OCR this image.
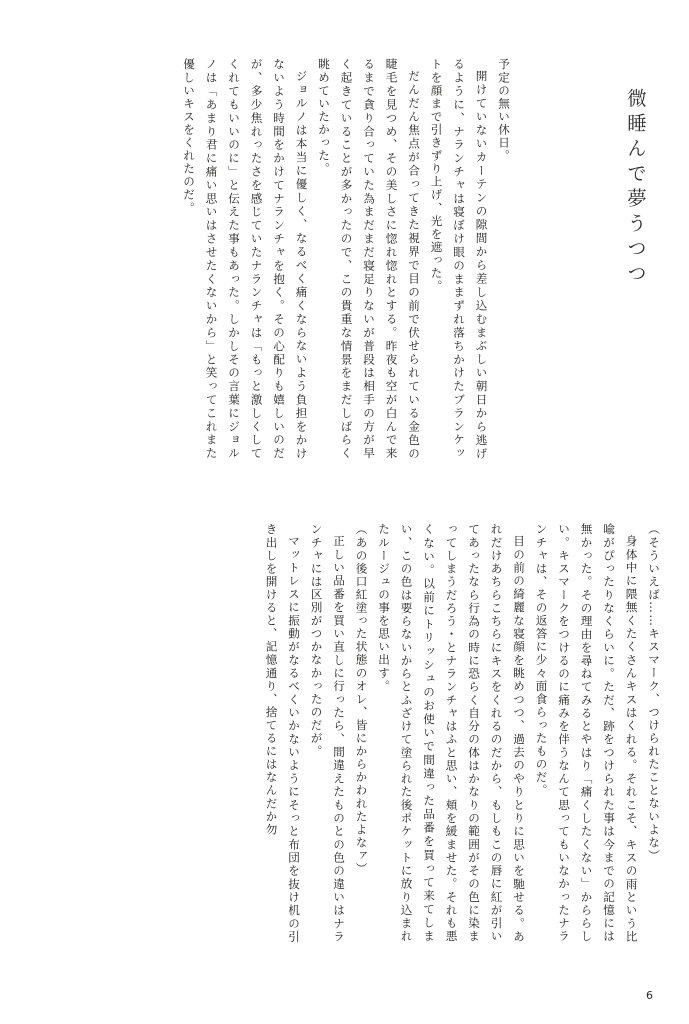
微睡んで夢うつつ

予定の無い休日。

開けていないカーテンの隙間から差し込むまぶしい朝日から逃げるように、ナランチャは寝ぼけ眼のままずれ落ちかけたブランケットを顔まで引きずり上げ、光を遮った。

だんだん焦点が合ってきた視界で目の前で伏せられている金色の睫毛を見つめ、その美しさに惚れ惚れとする。昨夜も空が白んで来るまで貪り合っていた為まだまだ寝足りないが普段は相手の方が早く起きていることが多かったので、この貴重な情景をまだしばらく眺めていたかった。

ジョルノは本当に優しく、なるべく痛くならないよう負担をかけないよう時間をかけてナランチャを抱く。その心配りも嬉しいのだが、多少焦れったさを感じていたナランチャは「もっと激しくしてくれてもいいのに」と伝えた事もあった。しかしその言葉にジョルノは「あまり君に痛い思いはさせたくないから」と笑ってこれまた優しいキスをくれたのだ。

（そういえば……キスマーク、つけられたことないよな）

身体中に隈無くたくさんキスはくれる。それこそ、キスの雨という比喩がぴったりなくらいに。ただ、跡をつけられた事は今までの記憶には無かった。その理由を尋ねてみるとやはり「痛くしたくない」かららしい。キスマークをつけるのに痛みを伴うなんて思ってもいなかったナランチャは、その返答に少々面食らったものだ。

目の前の綺麗な寝顔を眺めつつ、過去のやりとりに思いを馳せる。あれだけあちらこちらにキスをくれるのだから、もしもこの唇に紅が引いてあったなら行為の時に恐らく自分の体はかなりの範囲がその色に染まってしまうだろう・とナランチャはふと思い、頬を緩ませた。それも悪くない。以前にトリッシュのお使いで間違った品番を買って来てしまい、この色は要らないからとふざけて塗られた後ポケットに放り込まれたルージュの事を思い出す。

（あの後口紅塗った状態のオレ、皆にからかわれたよなァ）

正しい品番を買い直しに行ったら、間違えたものとの色の違いはナランチャには区別がつかなかったのだが。

マットレスに振動がなるべくいかないようにそっと布団を抜け机の引き出しを開けると、記憶通り、捨てるにはなんだか勿

6
